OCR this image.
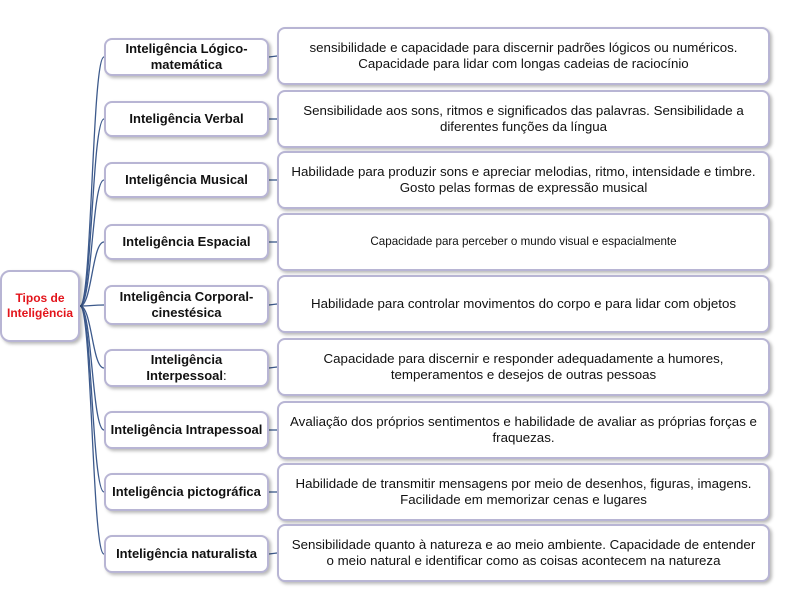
Tipos de Inteligência
Inteligência Lógico-matemática
sensibilidade e capacidade para discernir padrões lógicos ou numéricos. Capacidade para lidar com longas cadeias de raciocínio
Inteligência Verbal
Sensibilidade aos sons, ritmos e significados das palavras. Sensibilidade a diferentes funções da língua
Inteligência Musical
Habilidade para produzir sons e apreciar melodias, ritmo, intensidade e timbre. Gosto pelas formas de expressão musical
Inteligência Espacial	Capacidade para perceber o mundo visual e espacialmente
Inteligência Corporal-cinestésica
Habilidade para controlar movimentos do corpo e para lidar com objetos
Inteligência Interpessoal:
Capacidade para discernir e responder adequadamente a humores, temperamentos e desejos de outras pessoas
Inteligência Intrapessoal
Avaliação dos próprios sentimentos e habilidade de avaliar as próprias forças e fraquezas.
Inteligência pictográfica
Habilidade de transmitir mensagens por meio de desenhos, figuras, imagens. Facilidade em memorizar cenas e lugares
Inteligência naturalista
Sensibilidade quanto à natureza e ao meio ambiente. Capacidade de entender o meio natural e identificar como as coisas acontecem na natureza
